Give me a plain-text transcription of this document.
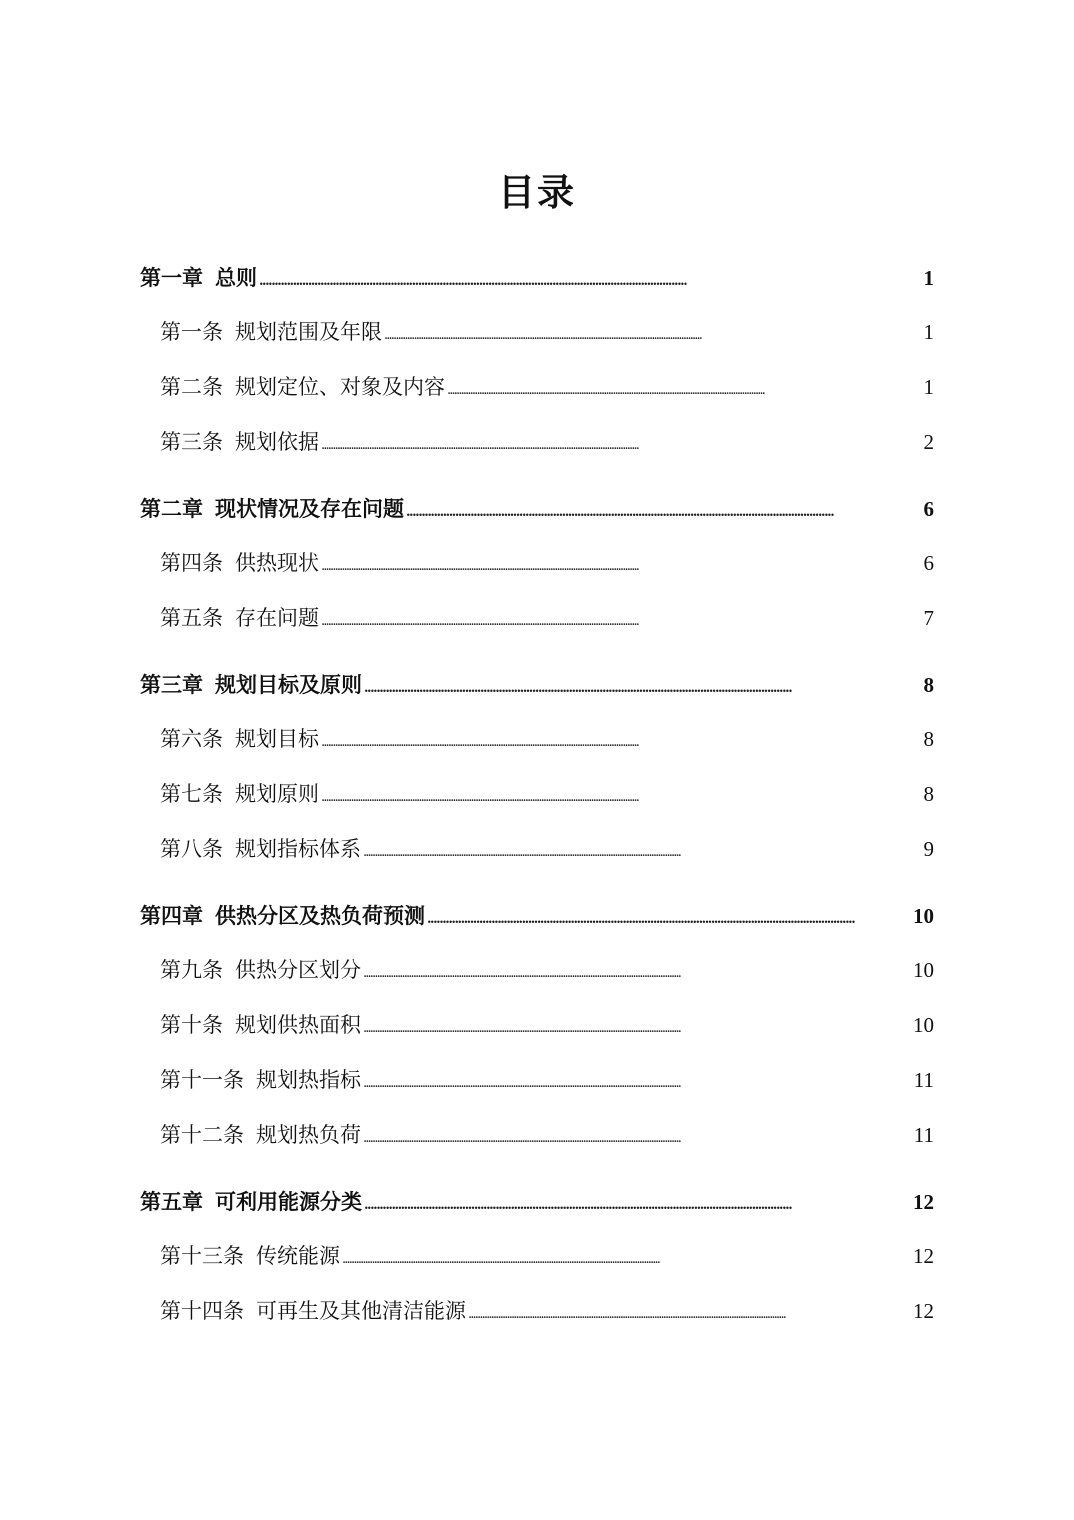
目录
第一章 总则 . . .	1
第一条 规划范围及年限 . . .	1
第二条 规划定位、对象及内容 . . .	1
第三条 规划依据 . . .	2
第二章 现状情况及存在问题 . . .	6
第四条 供热现状 . . .	6
第五条 存在问题 . . .	7
第三章 规划目标及原则 . . .	8
第六条 规划目标 . . .	8
第七条 规划原则 . . .	8
第八条 规划指标体系 . . .	9
第四章 供热分区及热负荷预测 . . .	10
第九条 供热分区划分 . . .	10
第十条 规划供热面积 . . .	10
第十一条 规划热指标 . . .	11
第十二条 规划热负荷 . . .	11
第五章 可利用能源分类 . . .	12
第十三条 传统能源 . . .	12
第十四条 可再生及其他清洁能源 . . .	12
